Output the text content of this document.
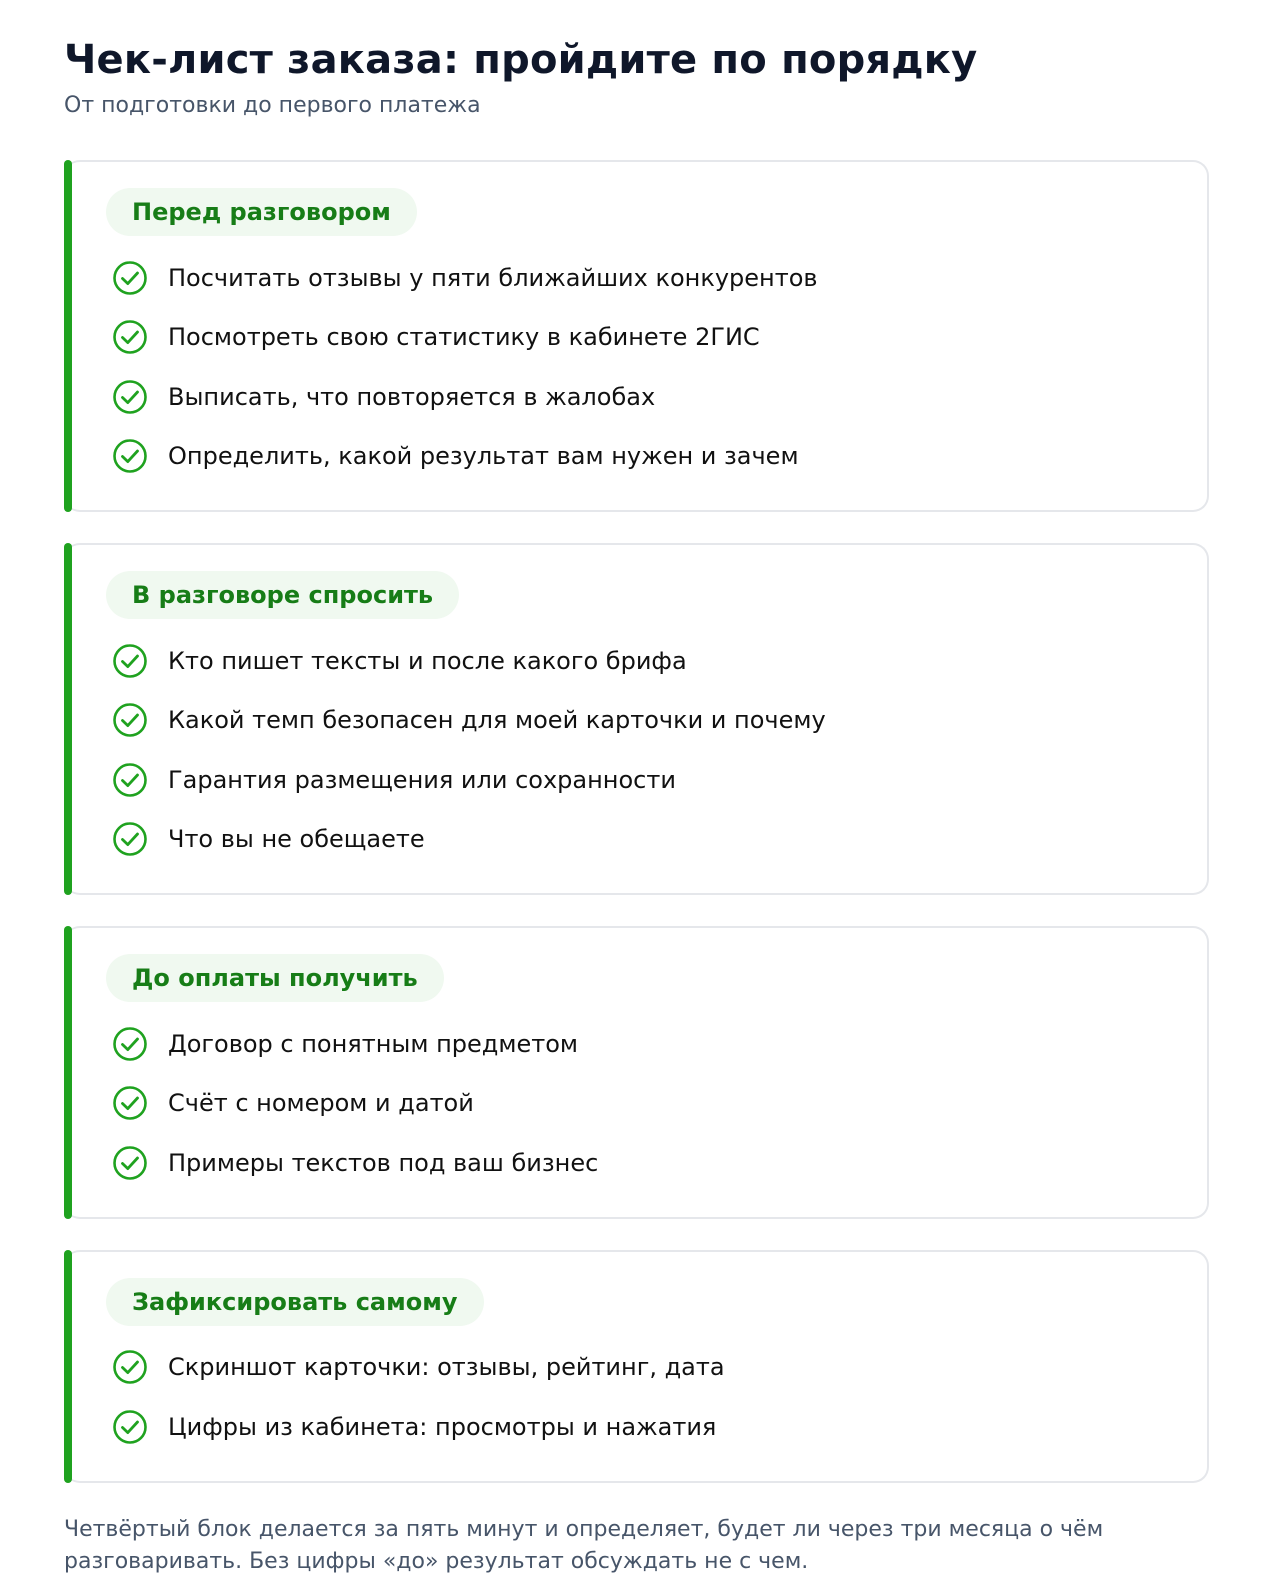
Чек-лист заказа: пройдите по порядку

От подготовки до первого платежа

Перед разговором
Посчитать отзывы у пяти ближайших конкурентов
Посмотреть свою статистику в кабинете 2ГИС
Выписать, что повторяется в жалобах
Определить, какой результат вам нужен и зачем
В разговоре спросить
Кто пишет тексты и после какого брифа
Какой темп безопасен для моей карточки и почему
Гарантия размещения или сохранности
Что вы не обещаете
До оплаты получить
Договор с понятным предметом
Счёт с номером и датой
Примеры текстов под ваш бизнес
Зафиксировать самому
Скриншот карточки: отзывы, рейтинг, дата
Цифры из кабинета: просмотры и нажатия

Четвёртый блок делается за пять минут и определяет, будет ли через три месяца о чём разговаривать. Без цифры «до» результат обсуждать не с чем.
